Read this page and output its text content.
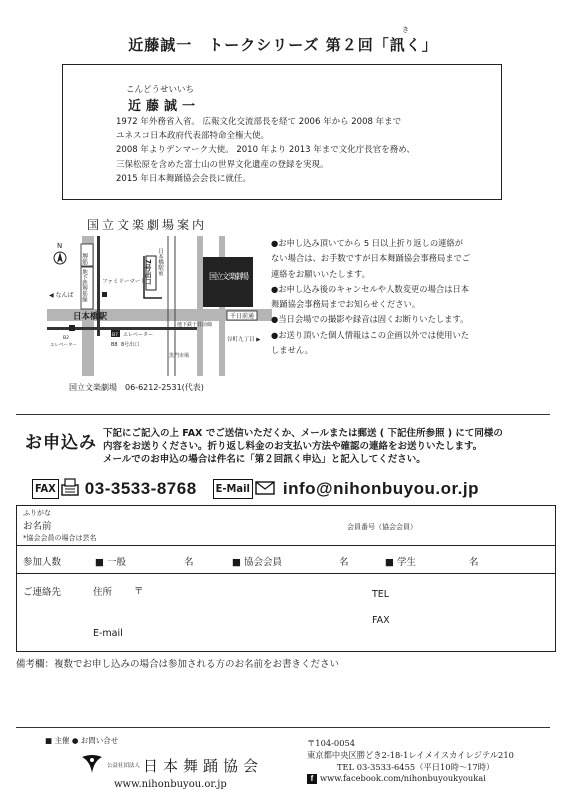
近藤誠一　トークシリーズ 第２回「訊く」
き
こんどうせいいち
近藤誠一
1972 年外務省入省。 広報文化交流部長を経て 2006 年から 2008 年まで
ユネスコ日本政府代表部特命全権大使。
2008 年よりデンマーク大使。 2010 年より 2013 年まで文化庁長官を務め、
三保松原を含めた富士山の世界文化遺産の登録を実現。
2015 年日本舞踊協会会長に就任。
国立文楽劇場案内
N
堺筋
地下鉄堺筋線	ファミリーマート
7号出口 日本橋駅前
国立文楽劇場
◀ なんば
日本橋駅
B2
エレベーター
B7 エレベーター
B8 8号出口
地下鉄千日前線
千日前通
谷町九丁目 ▶
黒門市場
国立文楽劇場　06-6212-2531(代表)

●お申し込み頂いてから 5 日以上折り返しの連絡が

ない場合は、お手数ですが日本舞踊協会事務局までご

連絡をお願いいたします。

●お申し込み後のキャンセルや人数変更の場合は日本

舞踊協会事務局までお知らせください。

●当日会場での撮影や録音は固くお断りいたします。

●お送り頂いた個人情報はこの企画以外では使用いた

しません。

お申込み 下記にご記入の上 FAX でご送信いただくか、メールまたは郵送 ( 下記住所参照 ) にて同様の
内容をお送りください。折り返し料金のお支払い方法や確認の連絡をお送りいたします。
メールでのお申込の場合は件名に「第２回訊く申込」と記入してください。
FAX 03-3533-8768 E-Mail info@nihonbuyou.or.jp
ふりがな
お名前
*協会会員の場合は芸名
会員番号（協会会員）
参加人数	■ 一般	名	■ 協会会員	名	■ 学生	名
ご連絡先	住所 〒	TEL
FAX
E-mail
備考欄：複数でお申し込みの場合は参加される方のお名前をお書きください
■ 主催 ● お問い合せ
公益社団法人 日本舞踊協会
www.nihonbuyou.or.jp
〒104-0054
東京都中央区勝どき2-18-1レイメイスカイレジテル210
TEL 03-3533-6455（平日10時〜17時）
f www.facebook.com/nihonbuyoukyoukai
